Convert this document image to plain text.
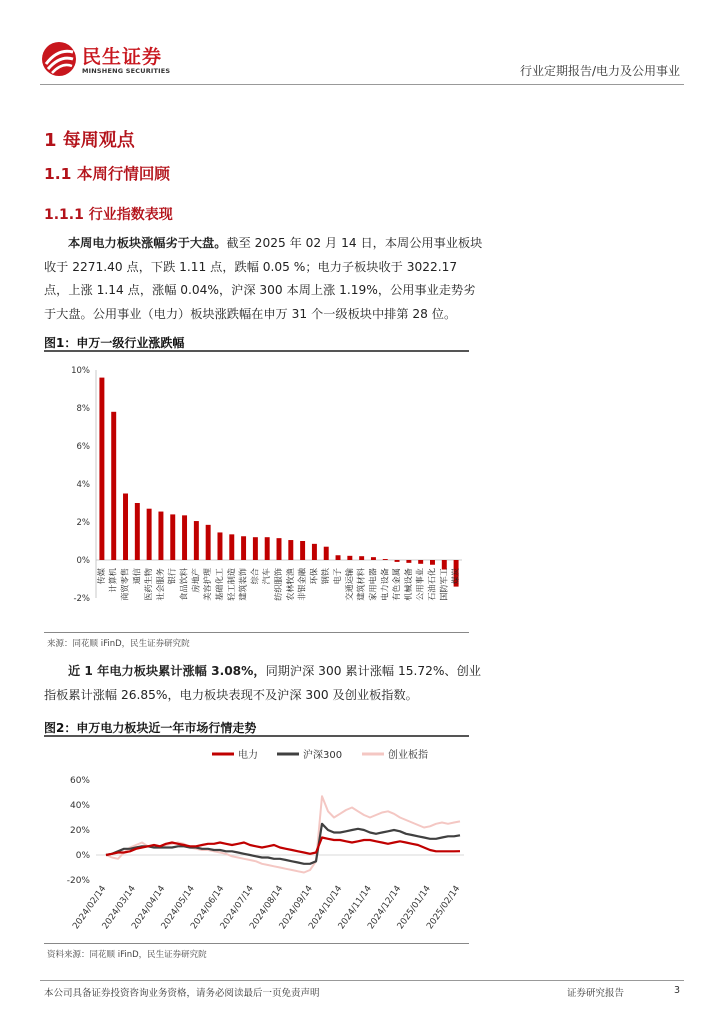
民生证券
MINSHENG SECURITIES	行业定期报告/电力及公用事业
1 每周观点
1.1 本周行情回顾
1.1.1 行业指数表现
本周电力板块涨幅劣于大盘。截至 2025 年 02 月 14 日，本周公用事业板块收于 2271.40 点，下跌 1.11 点，跌幅 0.05 %；电力子板块收于 3022.17 点，上涨 1.14 点，涨幅 0.04%，沪深 300 本周上涨 1.19%，公用事业走势劣于大盘。公用事业（电力）板块涨跌幅在申万 31 个一级板块中排第 28 位。
图1：申万一级行业涨跌幅
-2%
0%
2%
4%
6%
8%
10%
传媒 计算机 商贸零售 通信 医药生物 社会服务 银行 食品饮料 房地产 美容护理 基础化工 轻工制造 建筑装饰 综合 汽车 纺织服饰 农林牧渔 非银金融 环保 钢铁 电子 交通运输 建筑材料 家用电器 电力设备 有色金属 机械设备 公用事业 石油石化 国防军工 煤炭
来源：同花顺 iFinD，民生证券研究院
近 1 年电力板块累计涨幅 3.08%，同期沪深 300 累计涨幅 15.72%、创业指板累计涨幅 26.85%，电力板块表现不及沪深 300 及创业板指数。
图2：申万电力板块近一年市场行情走势
电力	沪深300	创业板指
0%
20%
40%
60%
2024/02/14
2024/03/14
2024/04/14
2024/05/14
2024/06/14
2024/07/14
2024/08/14
2024/09/14
2024/10/14
2024/11/14
2024/12/14
2025/01/14
2025/02/14
-20%
资料来源：同花顺 iFinD，民生证券研究院
本公司具备证券投资咨询业务资格，请务必阅读最后一页免责声明	证券研究报告	3
